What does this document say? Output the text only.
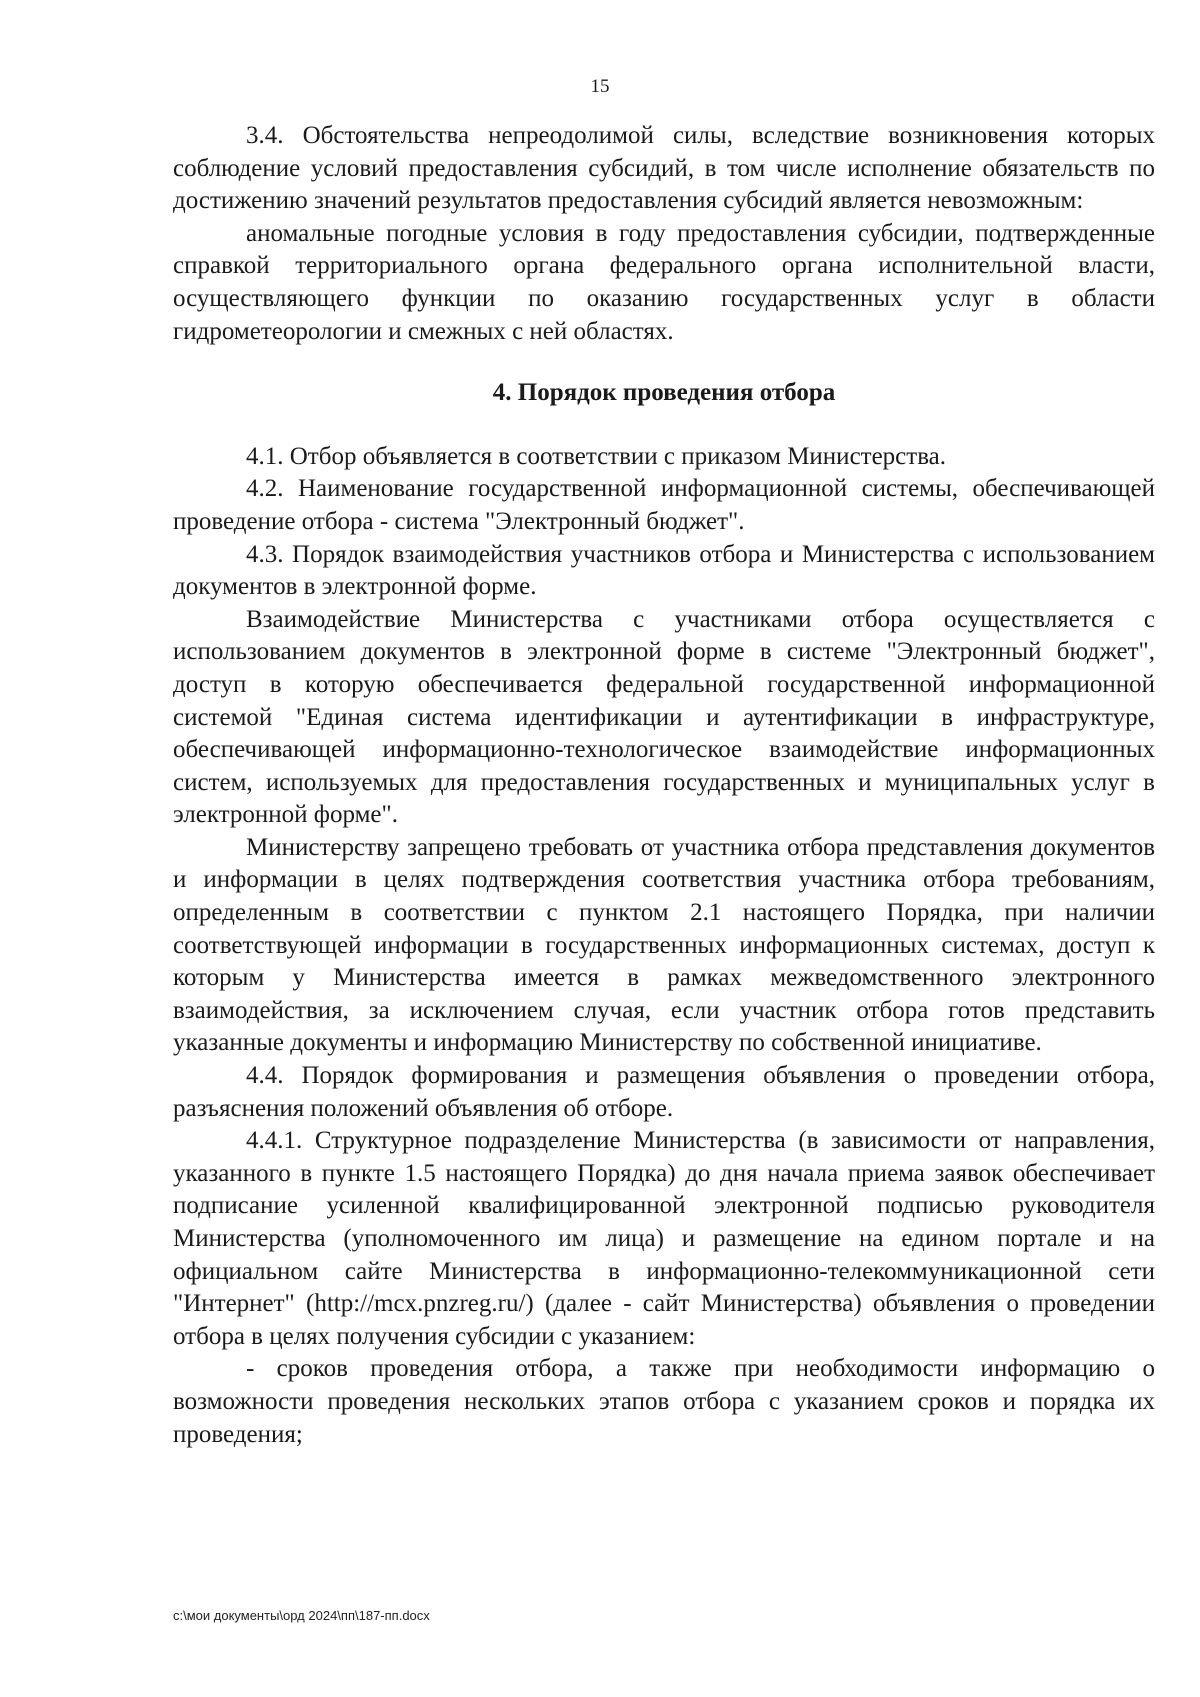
15

3.4. Обстоятельства непреодолимой силы, вследствие возникновения которых соблюдение условий предоставления субсидий, в том числе исполнение обязательств по достижению значений результатов предоставления субсидий является невозможным:

аномальные погодные условия в году предоставления субсидии, подтвержденные справкой территориального органа федерального органа исполнительной власти, осуществляющего функции по оказанию государственных услуг в области гидрометеорологии и смежных с ней областях.

4. Порядок проведения отбора

4.1. Отбор объявляется в соответствии с приказом Министерства.

4.2. Наименование государственной информационной системы, обеспечивающей проведение отбора - система "Электронный бюджет".

4.3. Порядок взаимодействия участников отбора и Министерства с использованием документов в электронной форме.

Взаимодействие Министерства с участниками отбора осуществляется с использованием документов в электронной форме в системе "Электронный бюджет", доступ в которую обеспечивается федеральной государственной информационной системой "Единая система идентификации и аутентификации в инфраструктуре, обеспечивающей информационно-технологическое взаимодействие информационных систем, используемых для предоставления государственных и муниципальных услуг в электронной форме".

Министерству запрещено требовать от участника отбора представления документов и информации в целях подтверждения соответствия участника отбора требованиям, определенным в соответствии с пунктом 2.1 настоящего Порядка, при наличии соответствующей информации в государственных информационных системах, доступ к которым у Министерства имеется в рамках межведомственного электронного взаимодействия, за исключением случая, если участник отбора готов представить указанные документы и информацию Министерству по собственной инициативе.

4.4. Порядок формирования и размещения объявления о проведении отбора, разъяснения положений объявления об отборе.

4.4.1. Структурное подразделение Министерства (в зависимости от направления, указанного в пункте 1.5 настоящего Порядка) до дня начала приема заявок обеспечивает подписание усиленной квалифицированной электронной подписью руководителя Министерства (уполномоченного им лица) и размещение на едином портале и на официальном сайте Министерства в информационно-телекоммуникационной сети "Интернет" (http://mcx.pnzreg.ru/) (далее - сайт Министерства) объявления о проведении отбора в целях получения субсидии с указанием:

- сроков проведения отбора, а также при необходимости информацию о возможности проведения нескольких этапов отбора с указанием сроков и порядка их проведения;

c:\мои документы\орд 2024\пп\187-пп.docx
